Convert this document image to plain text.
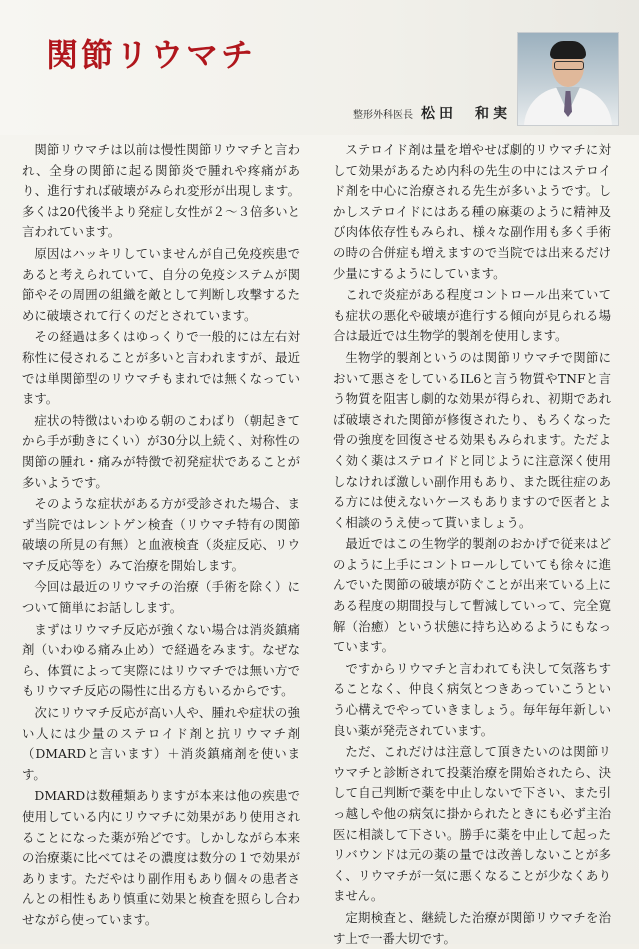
関節リウマチ
整形外科医長 松田　和実

関節リウマチは以前は慢性関節リウマチと言われ、全身の関節に起る関節炎で腫れや疼痛があり、進行すれば破壊がみられ変形が出現します。多くは20代後半より発症し女性が２〜３倍多いと言われています。

原因はハッキリしていませんが自己免疫疾患であると考えられていて、自分の免疫システムが関節やその周囲の組織を敵として判断し攻撃するために破壊されて行くのだとされています。

その経過は多くはゆっくりで一般的には左右対称性に侵されることが多いと言われますが、最近では単関節型のリウマチもまれでは無くなっています。

症状の特徴はいわゆる朝のこわばり（朝起きてから手が動きにくい）が30分以上続く、対称性の関節の腫れ・痛みが特徴で初発症状であることが多いようです。

そのような症状がある方が受診された場合、まず当院ではレントゲン検査（リウマチ特有の関節破壊の所見の有無）と血液検査（炎症反応、リウマチ反応等を）みて治療を開始します。

今回は最近のリウマチの治療（手術を除く）について簡単にお話しします。

まずはリウマチ反応が強くない場合は消炎鎮痛剤（いわゆる痛み止め）で経過をみます。なぜなら、体質によって実際にはリウマチでは無い方でもリウマチ反応の陽性に出る方もいるからです。

次にリウマチ反応が高い人や、腫れや症状の強い人には少量のステロイド剤と抗リウマチ剤（DMARDと言います）＋消炎鎮痛剤を使います。

DMARDは数種類ありますが本来は他の疾患で使用している内にリウマチに効果があり使用されることになった薬が殆どです。しかしながら本来の治療薬に比べてはその濃度は数分の１で効果があります。ただやはり副作用もあり個々の患者さんとの相性もあり慎重に効果と検査を照らし合わせながら使っています。

ステロイド剤は量を増やせば劇的リウマチに対して効果があるため内科の先生の中にはステロイド剤を中心に治療される先生が多いようです。しかしステロイドにはある種の麻薬のように精神及び肉体依存性もみられ、様々な副作用も多く手術の時の合併症も増えますので当院では出来るだけ少量にするようにしています。

これで炎症がある程度コントロール出来ていても症状の悪化や破壊が進行する傾向が見られる場合は最近では生物学的製剤を使用します。

生物学的製剤というのは関節リウマチで関節において悪さをしているIL6と言う物質やTNFと言う物質を阻害し劇的な効果が得られ、初期であれば破壊された関節が修復されたり、もろくなった骨の強度を回復させる効果もみられます。ただよく効く薬はステロイドと同じように注意深く使用しなければ激しい副作用もあり、また既往症のある方には使えないケースもありますので医者とよく相談のうえ使って貰いましょう。

最近ではこの生物学的製剤のおかげで従来はどのように上手にコントロールしていても徐々に進んでいた関節の破壊が防ぐことが出来ている上にある程度の期間投与して暫減していって、完全寛解（治癒）という状態に持ち込めるようにもなっています。

ですからリウマチと言われても決して気落ちすることなく、仲良く病気とつきあっていこうという心構えでやっていきましょう。毎年毎年新しい良い薬が発売されています。

ただ、これだけは注意して頂きたいのは関節リウマチと診断されて投薬治療を開始されたら、決して自己判断で薬を中止しないで下さい、また引っ越しや他の病気に掛かられたときにも必ず主治医に相談して下さい。勝手に薬を中止して起ったリバウンドは元の薬の量では改善しないことが多く、リウマチが一気に悪くなることが少なくありません。

定期検査と、継続した治療が関節リウマチを治す上で一番大切です。
